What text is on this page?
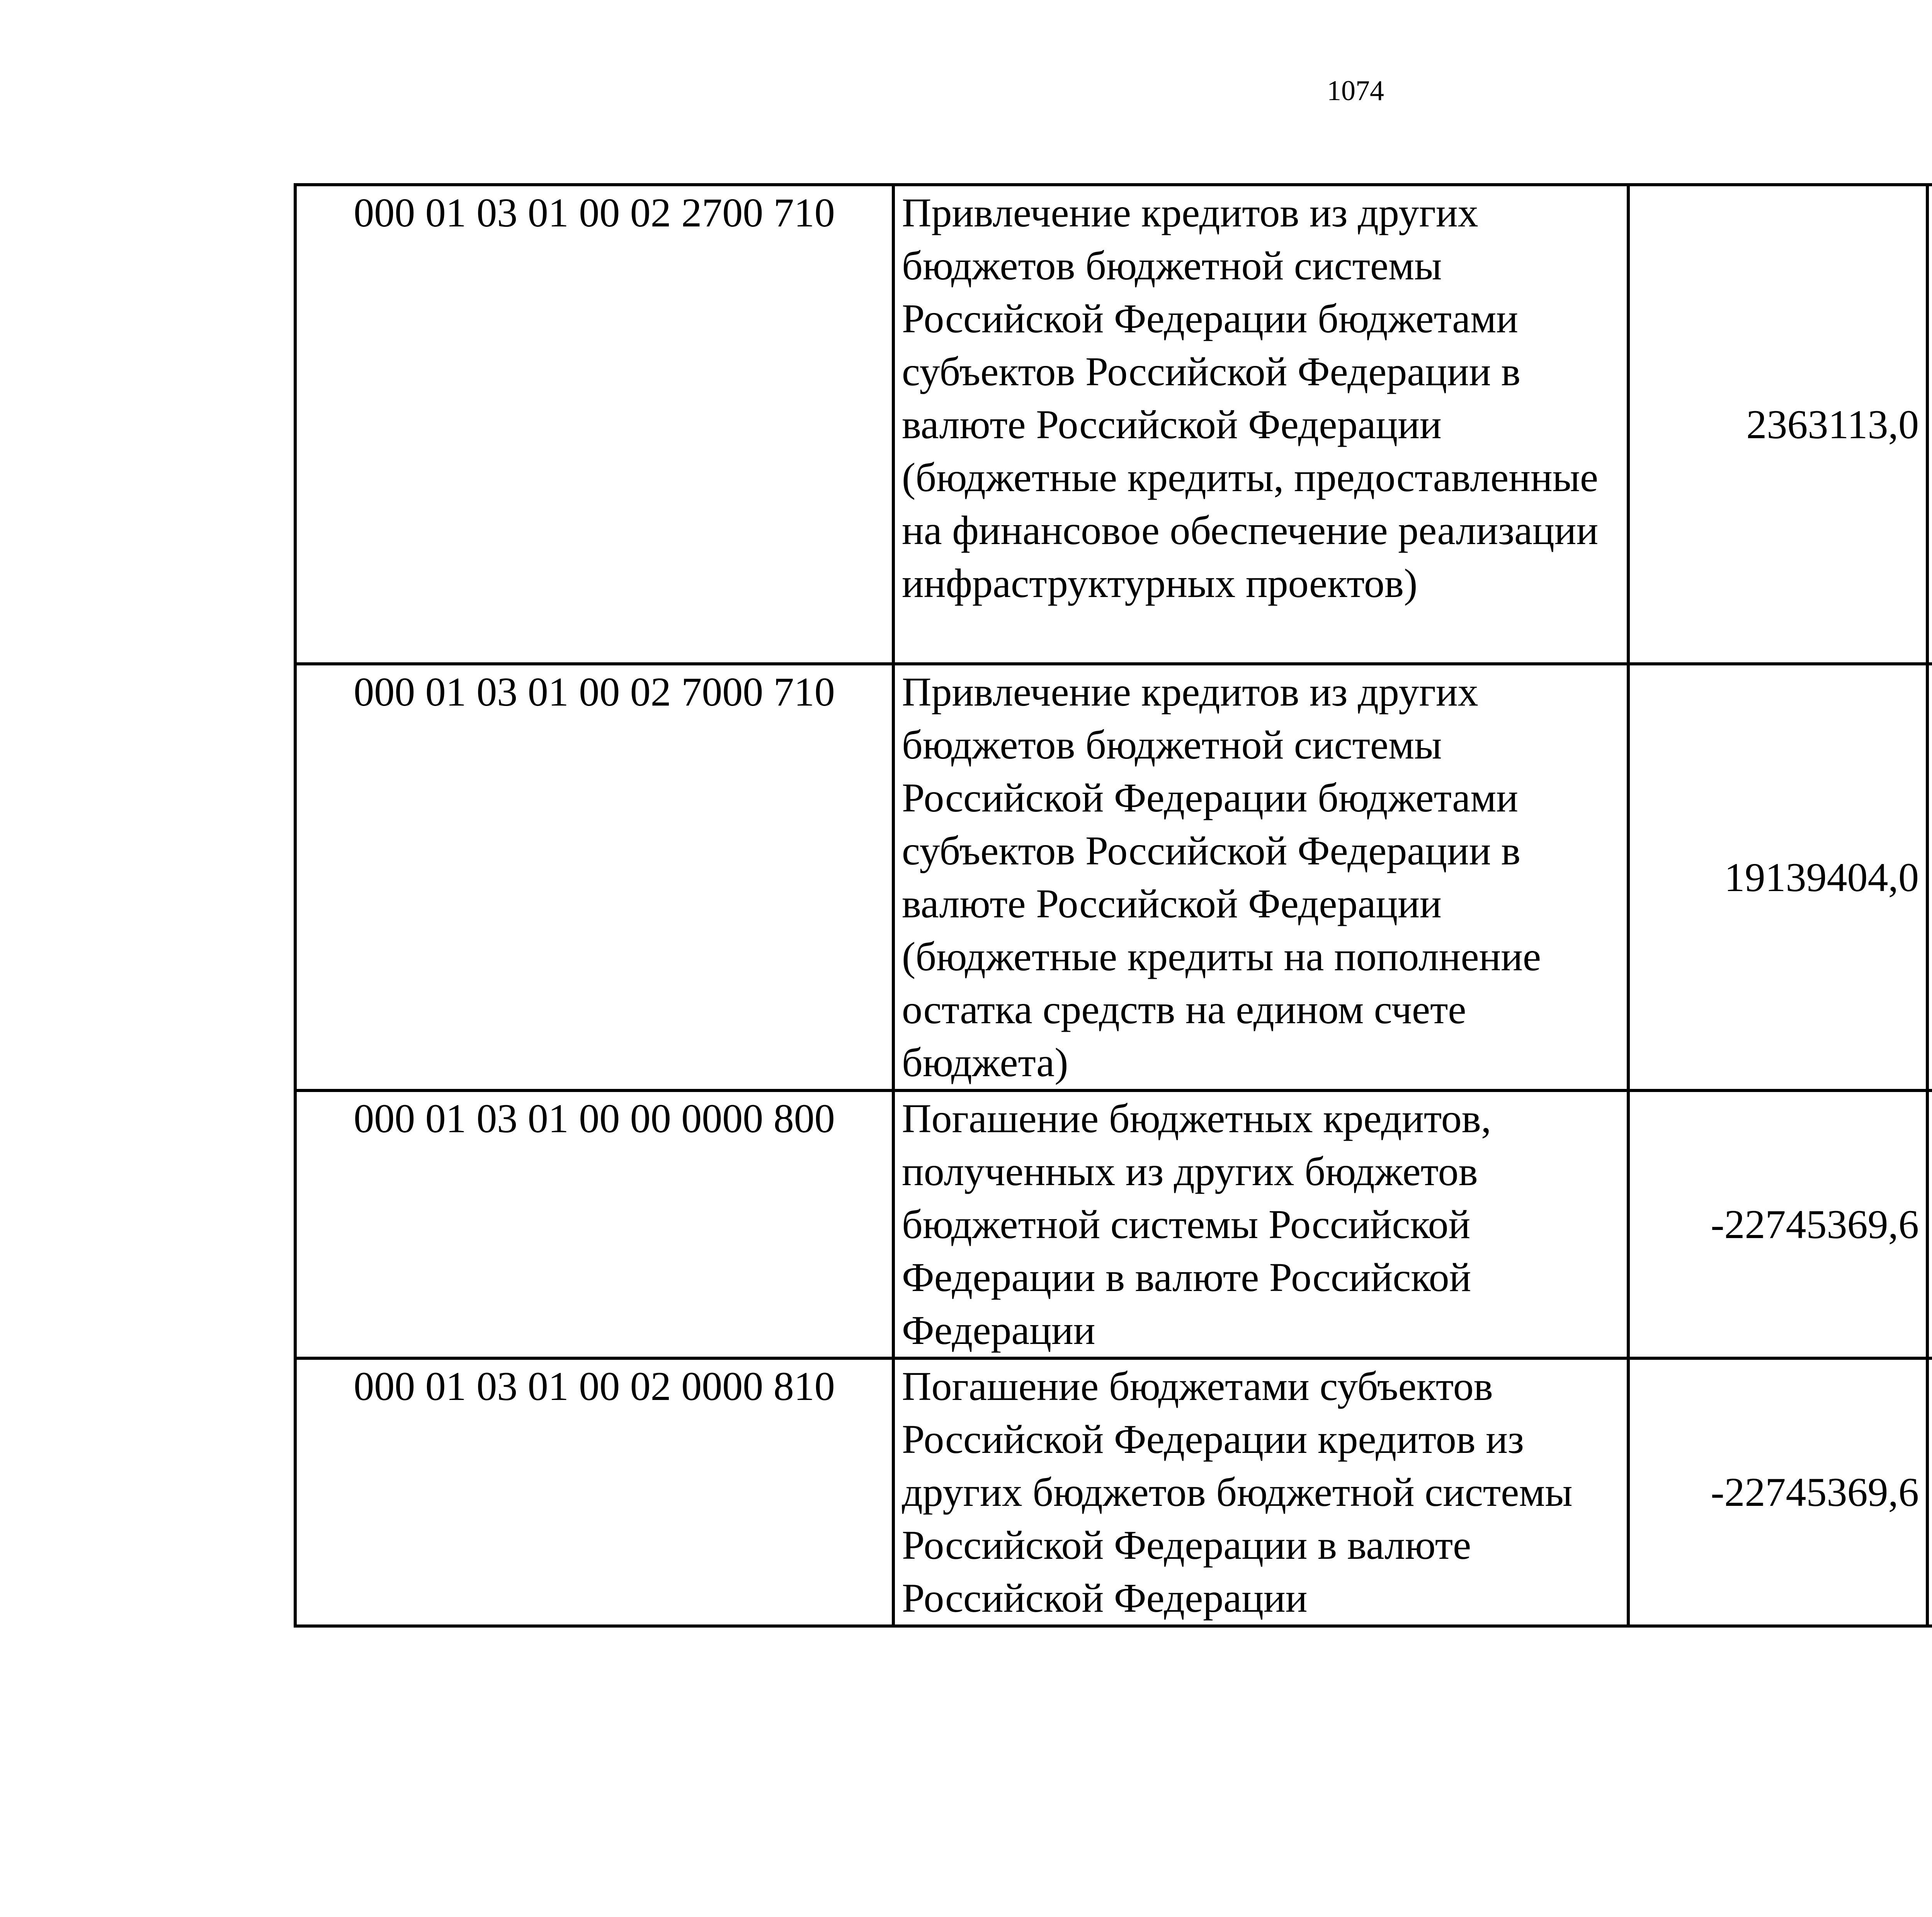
1074
000 01 03 01 00 02 2700 710	Привлечение кредитов из других бюджетов бюджетной системы Российской Федерации бюджетами субъектов Российской Федерации в валюте Российской Федерации (бюджетные кредиты, предоставленные на финансовое обеспечение реализации инфраструктурных проектов)	2363113,0		
000 01 03 01 00 02 7000 710	Привлечение кредитов из других бюджетов бюджетной системы Российской Федерации бюджетами субъектов Российской Федерации в валюте Российской Федерации (бюджетные кредиты на пополнение остатка средств на едином счете бюджета)	19139404,0		
000 01 03 01 00 00 0000 800	Погашение бюджетных кредитов, полученных из других бюджетов бюджетной системы Российской Федерации в валюте Российской Федерации	-22745369,6		
000 01 03 01 00 02 0000 810	Погашение бюджетами субъектов Российской Федерации кредитов из других бюджетов бюджетной системы Российской Федерации в валюте Российской Федерации	-22745369,6		
